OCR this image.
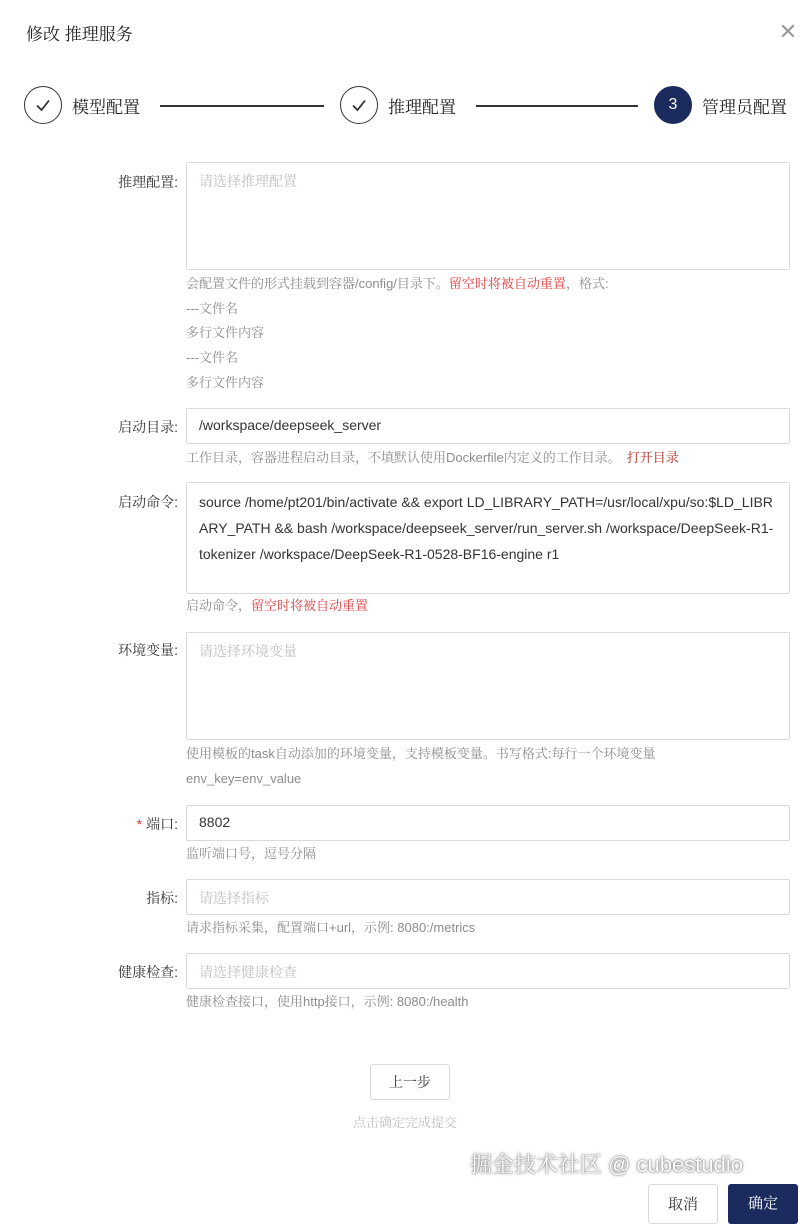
修改 推理服务	✕
模型配置	推理配置	3	管理员配置
推理配置:	请选择推理配置
会配置文件的形式挂载到容器/config/目录下。留空时将被自动重置，格式:
---文件名
多行文件内容
---文件名
多行文件内容
启动目录:	/workspace/deepseek_server
工作目录，容器进程启动目录，不填默认使用Dockerfile内定义的工作目录。 打开目录
启动命令:	source /home/pt201/bin/activate && export LD_LIBRARY_PATH=/usr/local/xpu/so:$LD_LIBRARY_PATH && bash /workspace/deepseek_server/run_server.sh /workspace/DeepSeek-R1-tokenizer /workspace/DeepSeek-R1-0528-BF16-engine r1
启动命令，留空时将被自动重置
环境变量:	请选择环境变量
使用模板的task自动添加的环境变量，支持模板变量。书写格式:每行一个环境变量
env_key=env_value
* 端口:	8802
监听端口号，逗号分隔
指标:	请选择指标
请求指标采集，配置端口+url，示例: 8080:/metrics
健康检查:	请选择健康检查
健康检查接口，使用http接口，示例: 8080:/health
上一步
点击确定完成提交
掘金技术社区 @ cubestudio
取消	确定
